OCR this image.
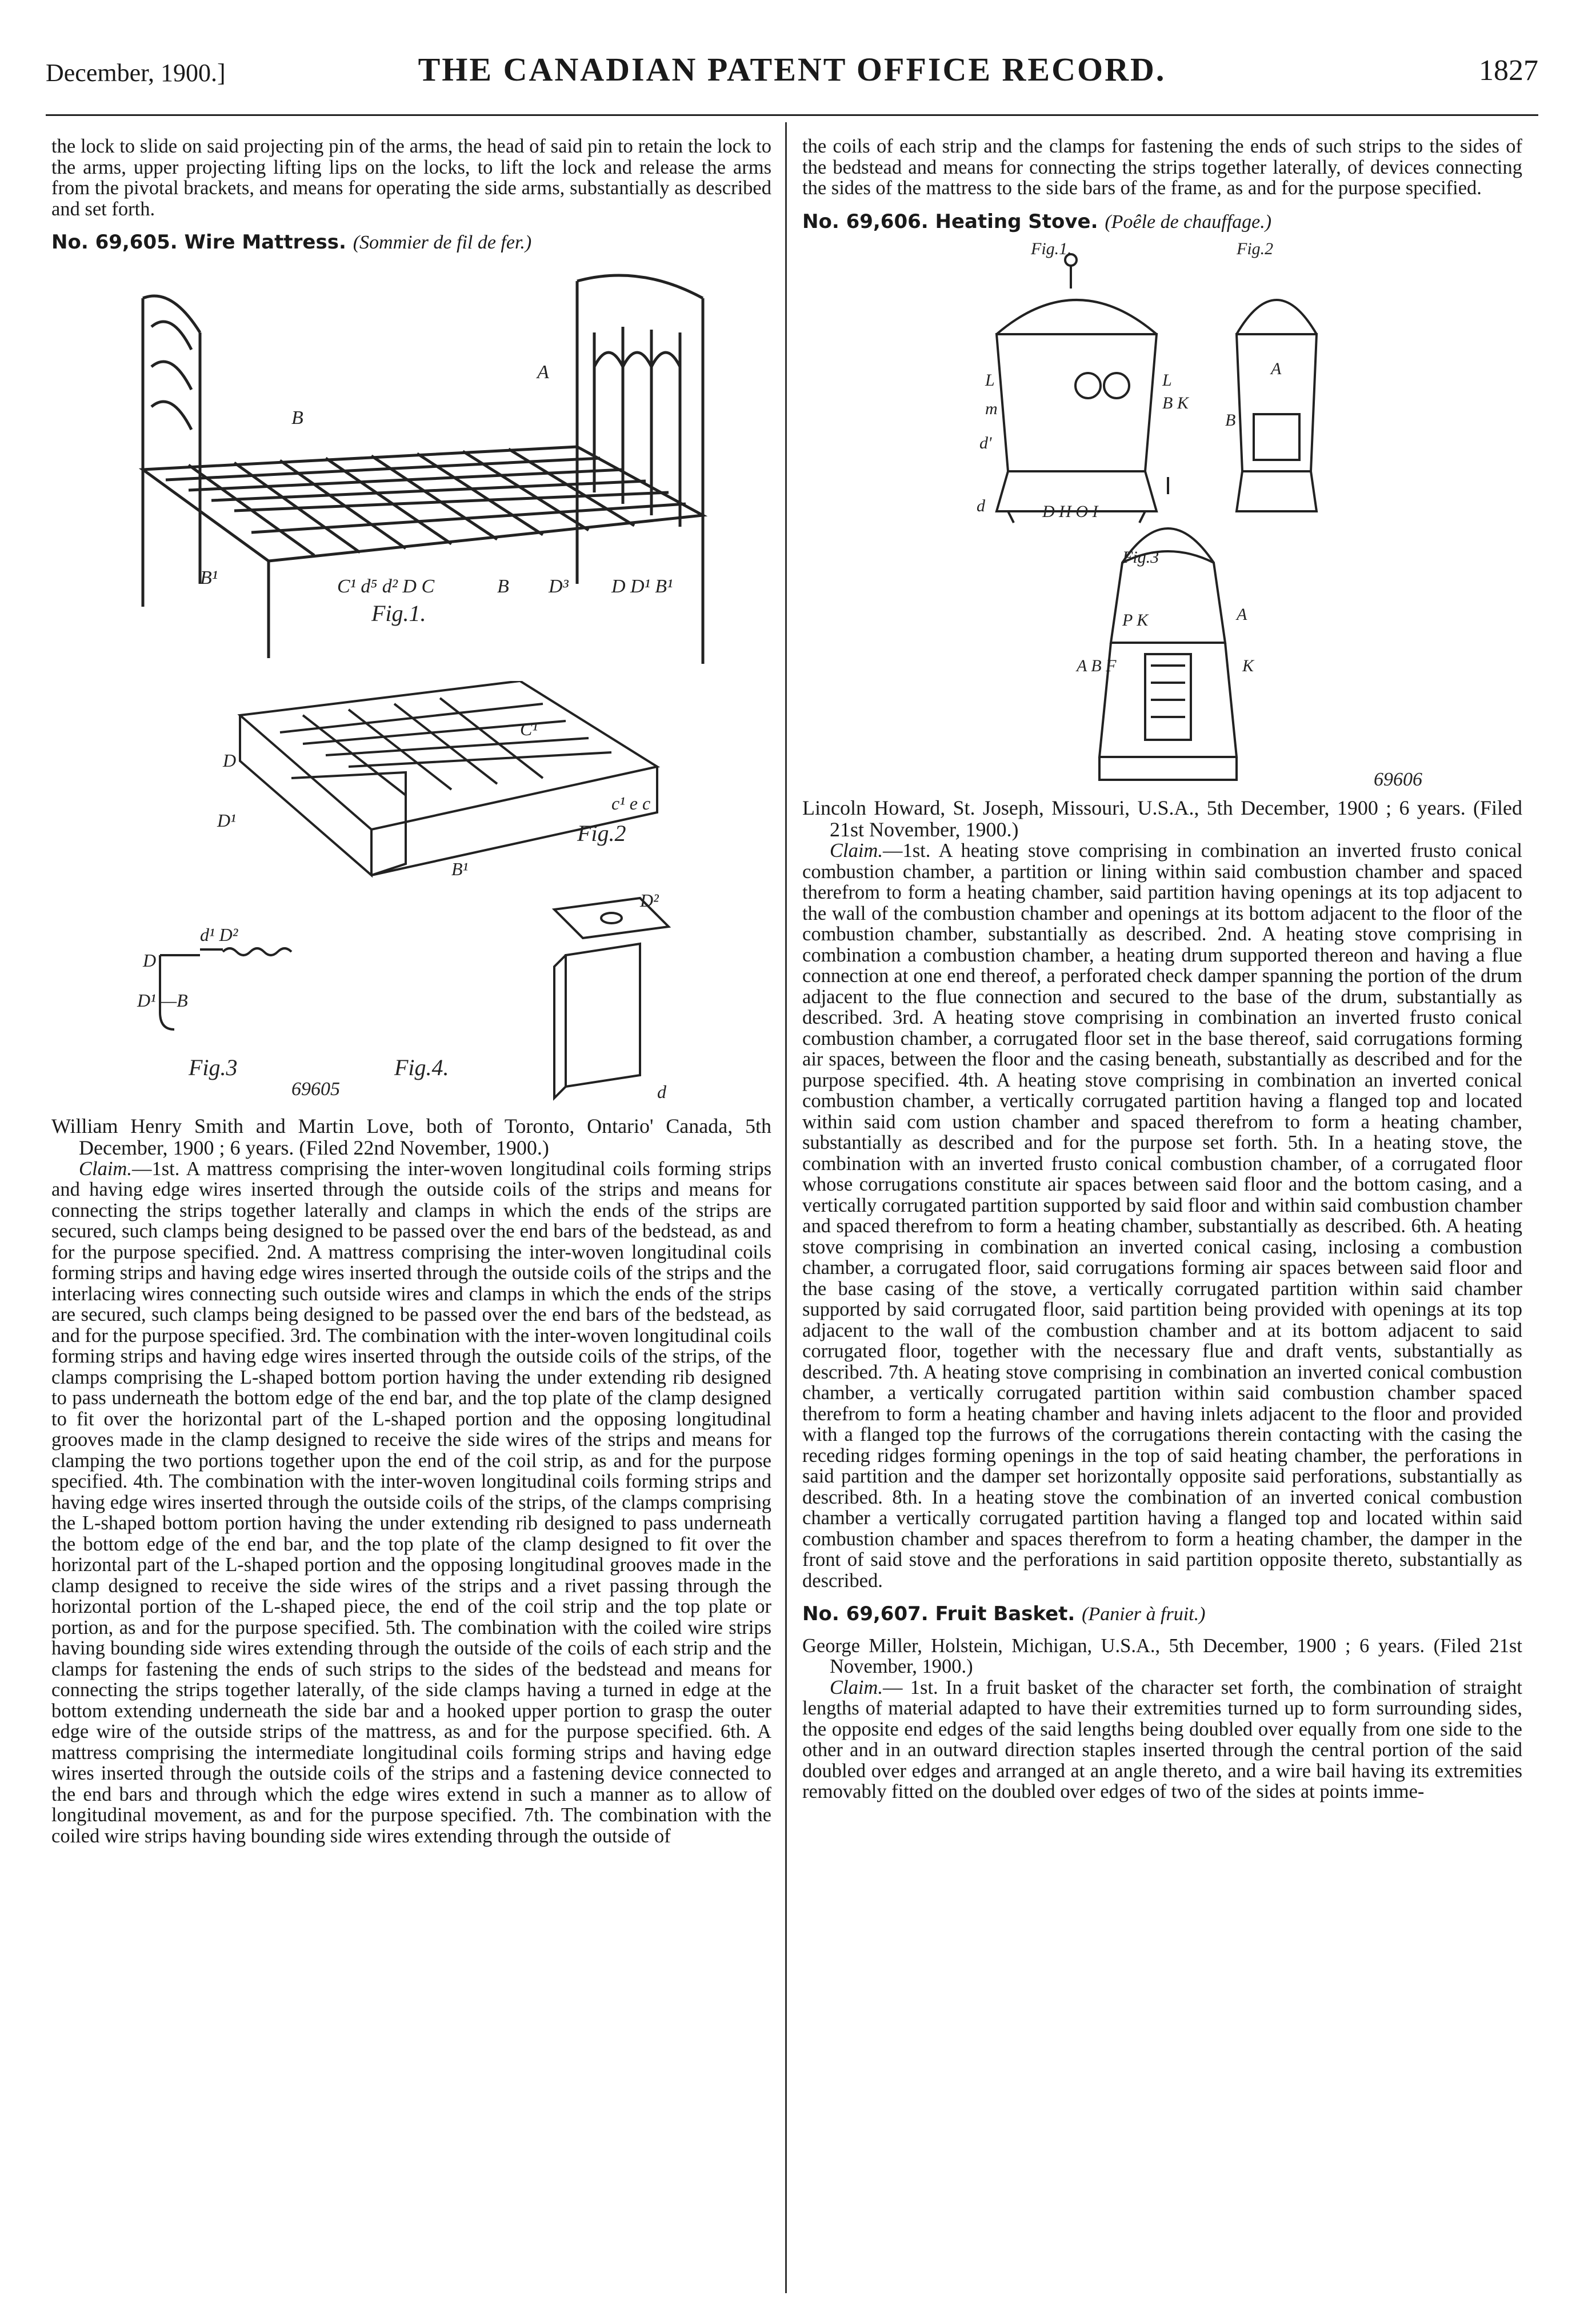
December, 1900.]	THE CANADIAN PATENT OFFICE RECORD.	1827

the lock to slide on said projecting pin of the arms, the head of said pin to retain the lock to the arms, upper projecting lifting lips on the locks, to lift the lock and release the arms from the pivotal brackets, and means for operating the side arms, substantially as described and set forth.

No. 69,605. Wire Mattress. (Sommier de fil de fer.)
A
B
B¹	C¹ d⁵ d² D C	B D³ D D¹ B¹
Fig.1.
D
C¹
c¹ e c
D¹
B¹
D
D¹ —B
d¹ D²
D²
d
Fig.2
Fig.3	Fig.4.
69605

William Henry Smith and Martin Love, both of Toronto, Ontario' Canada, 5th December, 1900 ; 6 years. (Filed 22nd November, 1900.)

Claim.—1st. A mattress comprising the inter-woven longitudinal coils forming strips and having edge wires inserted through the outside coils of the strips and means for connecting the strips together laterally and clamps in which the ends of the strips are secured, such clamps being designed to be passed over the end bars of the bedstead, as and for the purpose specified. 2nd. A mattress comprising the inter-woven longitudinal coils forming strips and having edge wires inserted through the outside coils of the strips and the interlacing wires connecting such outside wires and clamps in which the ends of the strips are secured, such clamps being designed to be passed over the end bars of the bedstead, as and for the purpose specified. 3rd. The combination with the inter-woven longitudinal coils forming strips and having edge wires inserted through the outside coils of the strips, of the clamps comprising the L-shaped bottom portion having the under extending rib designed to pass underneath the bottom edge of the end bar, and the top plate of the clamp designed to fit over the horizontal part of the L-shaped portion and the opposing longitudinal grooves made in the clamp designed to receive the side wires of the strips and means for clamping the two portions together upon the end of the coil strip, as and for the purpose specified. 4th. The combination with the inter-woven longitudinal coils forming strips and having edge wires inserted through the outside coils of the strips, of the clamps comprising the L-shaped bottom portion having the under extending rib designed to pass underneath the bottom edge of the end bar, and the top plate of the clamp designed to fit over the horizontal part of the L-shaped portion and the opposing longitudinal grooves made in the clamp designed to receive the side wires of the strips and a rivet passing through the horizontal portion of the L-shaped piece, the end of the coil strip and the top plate or portion, as and for the purpose specified. 5th. The combination with the coiled wire strips having bounding side wires extending through the outside of the coils of each strip and the clamps for fastening the ends of such strips to the sides of the bedstead and means for connecting the strips together laterally, of the side clamps having a turned in edge at the bottom extending underneath the side bar and a hooked upper portion to grasp the outer edge wire of the outside strips of the mattress, as and for the purpose specified. 6th. A mattress comprising the intermediate longitudinal coils forming strips and having edge wires inserted through the outside coils of the strips and a fastening device connected to the end bars and through which the edge wires extend in such a manner as to allow of longitudinal movement, as and for the purpose specified. 7th. The combination with the coiled wire strips having bounding side wires extending through the outside of

the coils of each strip and the clamps for fastening the ends of such strips to the sides of the bedstead and means for connecting the strips together laterally, of devices connecting the sides of the mattress to the side bars of the frame, as and for the purpose specified.

No. 69,606. Heating Stove. (Poêle de chauffage.)
Fig.1.	Fig.2
Fig.3
L
m
d'
d	D H O I
L
B K
A
B
P K	A
A B F	K
69606

Lincoln Howard, St. Joseph, Missouri, U.S.A., 5th December, 1900 ; 6 years. (Filed 21st November, 1900.)

Claim.—1st. A heating stove comprising in combination an inverted frusto conical combustion chamber, a partition or lining within said combustion chamber and spaced therefrom to form a heating chamber, said partition having openings at its top adjacent to the wall of the combustion chamber and openings at its bottom adjacent to the floor of the combustion chamber, substantially as described. 2nd. A heating stove comprising in combination a combustion chamber, a heating drum supported thereon and having a flue connection at one end thereof, a perforated check damper spanning the portion of the drum adjacent to the flue connection and secured to the base of the drum, substantially as described. 3rd. A heating stove comprising in combination an inverted frusto conical combustion chamber, a corrugated floor set in the base thereof, said corrugations forming air spaces, between the floor and the casing beneath, substantially as described and for the purpose specified. 4th. A heating stove comprising in combination an inverted conical combustion chamber, a vertically corrugated partition having a flanged top and located within said com ustion chamber and spaced therefrom to form a heating chamber, substantially as described and for the purpose set forth. 5th. In a heating stove, the combination with an inverted frusto conical combustion chamber, of a corrugated floor whose corrugations constitute air spaces between said floor and the bottom casing, and a vertically corrugated partition supported by said floor and within said combustion chamber and spaced therefrom to form a heating chamber, substantially as described. 6th. A heating stove comprising in combination an inverted conical casing, inclosing a combustion chamber, a corrugated floor, said corrugations forming air spaces between said floor and the base casing of the stove, a vertically corrugated partition within said chamber supported by said corrugated floor, said partition being provided with openings at its top adjacent to the wall of the combustion chamber and at its bottom adjacent to said corrugated floor, together with the necessary flue and draft vents, substantially as described. 7th. A heating stove comprising in combination an inverted conical combustion chamber, a vertically corrugated partition within said combustion chamber spaced therefrom to form a heating chamber and having inlets adjacent to the floor and provided with a flanged top the furrows of the corrugations therein contacting with the casing the receding ridges forming openings in the top of said heating chamber, the perforations in said partition and the damper set horizontally opposite said perforations, substantially as described. 8th. In a heating stove the combination of an inverted conical combustion chamber a vertically corrugated partition having a flanged top and located within said combustion chamber and spaces therefrom to form a heating chamber, the damper in the front of said stove and the perforations in said partition opposite thereto, substantially as described.

No. 69,607. Fruit Basket. (Panier à fruit.)

George Miller, Holstein, Michigan, U.S.A., 5th December, 1900 ; 6 years. (Filed 21st November, 1900.)

Claim.— 1st. In a fruit basket of the character set forth, the combination of straight lengths of material adapted to have their extremities turned up to form surrounding sides, the opposite end edges of the said lengths being doubled over equally from one side to the other and in an outward direction staples inserted through the central portion of the said doubled over edges and arranged at an angle thereto, and a wire bail having its extremities removably fitted on the doubled over edges of two of the sides at points imme-
